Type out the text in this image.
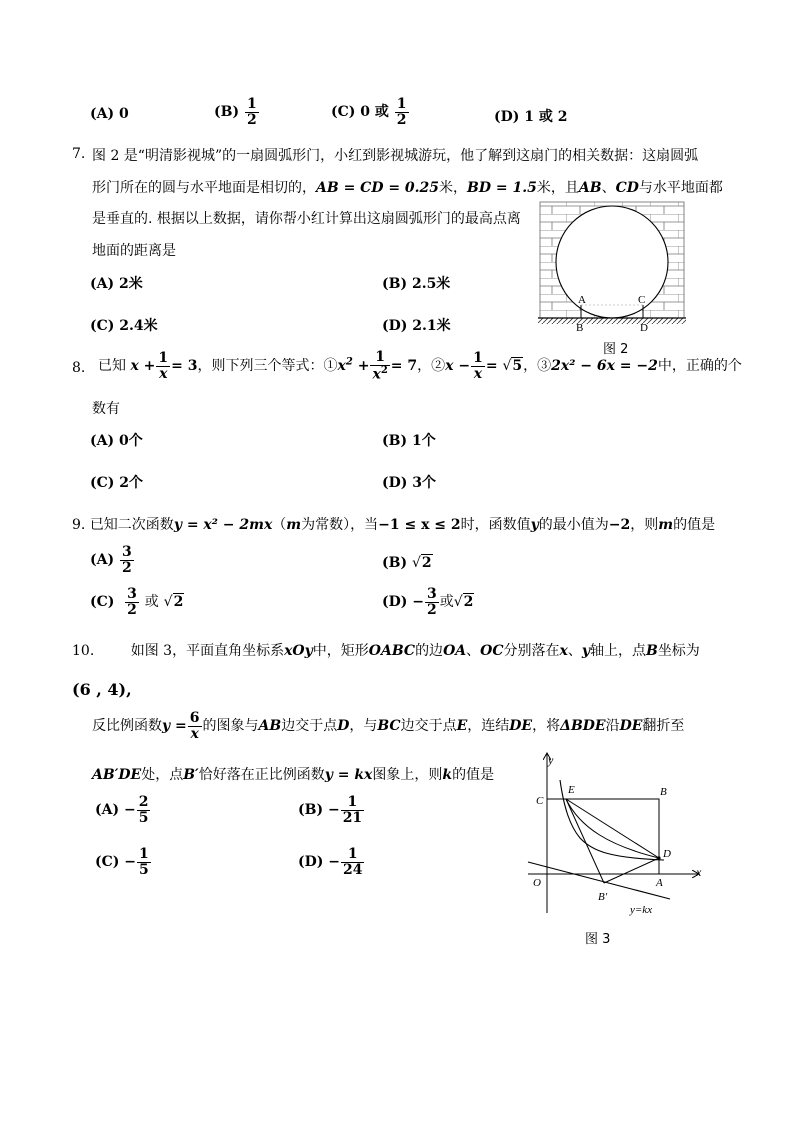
(A) 0	$(B) \frac{1}{2}$	(C) 0 或 $\frac{1}{2}$	(D) 1 或 2
7. 图 2 是“明清影视城”的一扇圆弧形门，小红到影视城游玩，他了解到这扇门的相关数据：这扇圆弧
形门所在的圆与水平地面是相切的，AB = CD = 0.25米，BD = 1.5米，且AB、CD与水平地面都
是垂直的. 根据以上数据，请你帮小红计算出这扇圆弧形门的最高点离
地面的距离是
(A) 2米	(B) 2.5米
(C) 2.4米	(D) 2.1米
A
B
C
D
图 2
8. 已知 $x + \frac{1}{x} = 3$，则下列三个等式：$①x^2 + \frac{1}{x^2} = 7$，②x − $\frac{1}{x} = √5$，③2x² − 6x = −2中，正确的个
数有
(A) 0个	(B) 1个
(C) 2个	(D) 3个
9. 已知二次函数y = x² − 2mx（m为常数），当−1 ≤ x ≤ 2时，函数值y的最小值为−2，则m的值是
$(A) \frac{3}{2}$	(B) √2
$(C) \frac{3}{2}$ 或 √2	$(D) - \frac{3}{2}$ 或√2
10.	如图 3，平面直角坐标系xOy中，矩形OABC的边OA、OC分别落在x、y轴上，点B坐标为
(6 , 4),
反比例函数$y = \frac{6}{x}$ 的图象与AB边交于点D，与BC边交于点E，连结DE，将ΔBDE沿DE翻折至
AB′DE处，点B′恰好落在正比例函数y = kx图象上，则k的值是
$(A) - \frac{2}{5}$	$(B) - \frac{1}{21}$
$(C) - \frac{1}{5}$	$(D) - \frac{1}{24}$
y
x
C
E	B
D
O	A
B′
y=kx
图 3
